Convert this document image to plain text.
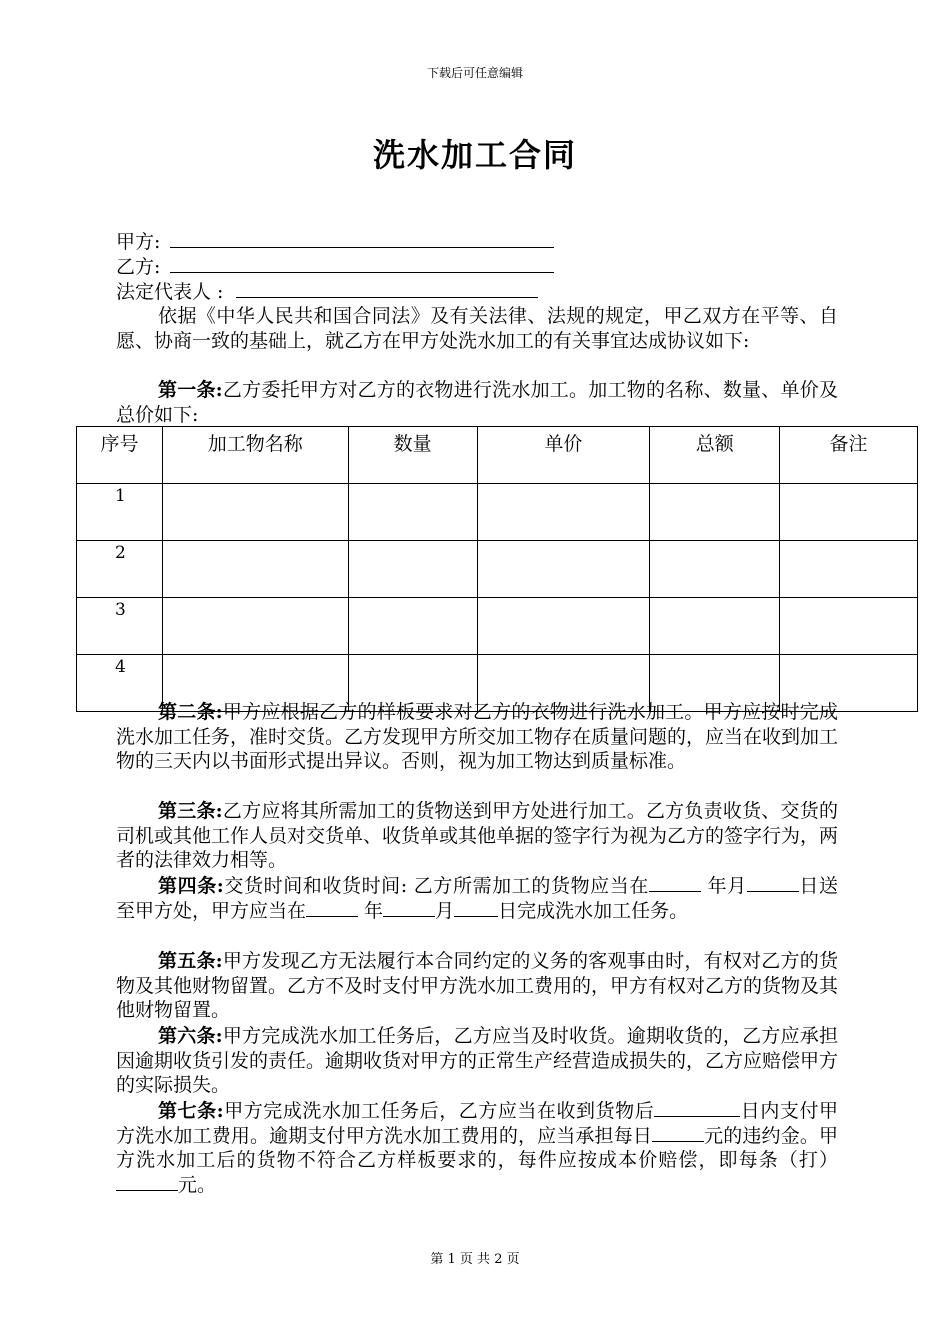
下载后可任意编辑
洗水加工合同
甲方:
乙方:
法定代表人 :
依据《中华人民共和国合同法》及有关法律、法规的规定，甲乙双方在平等、自愿、协商一致的基础上，就乙方在甲方处洗水加工的有关事宜达成协议如下:
第一条:乙方委托甲方对乙方的衣物进行洗水加工。加工物的名称、数量、单价及总价如下:
序号	加工物名称	数量	单价	总额	备注
1					
2					
3					
4					
第二条:甲方应根据乙方的样板要求对乙方的衣物进行洗水加工。甲方应按时完成洗水加工任务，准时交货。乙方发现甲方所交加工物存在质量问题的，应当在收到加工物的三天内以书面形式提出异议。否则，视为加工物达到质量标准。
第三条:乙方应将其所需加工的货物送到甲方处进行加工。乙方负责收货、交货的司机或其他工作人员对交货单、收货单或其他单据的签字行为视为乙方的签字行为，两者的法律效力相等。
第四条:交货时间和收货时间: 乙方所需加工的货物应当在	年月	日送至甲方处，甲方应当在	年	月 日完成洗水加工任务。
第五条:甲方发现乙方无法履行本合同约定的义务的客观事由时，有权对乙方的货物及其他财物留置。乙方不及时支付甲方洗水加工费用的，甲方有权对乙方的货物及其他财物留置。
第六条:甲方完成洗水加工任务后，乙方应当及时收货。逾期收货的，乙方应承担因逾期收货引发的责任。逾期收货对甲方的正常生产经营造成损失的，乙方应赔偿甲方的实际损失。
第七条:甲方完成洗水加工任务后，乙方应当在收到货物后	日内支付甲方洗水加工费用。逾期支付甲方洗水加工费用的，应当承担每日	元的违约金。甲方洗水加工后的货物不符合乙方样板要求的，每件应按成本价赔偿，即每条（打）元。
第 1 页 共 2 页
